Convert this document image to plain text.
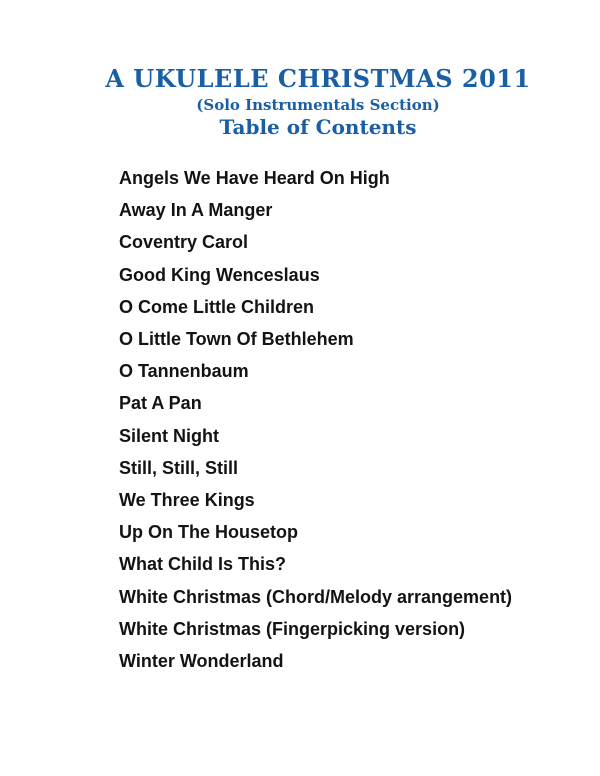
A UKULELE CHRISTMAS 2011
(Solo Instrumentals Section)
Table of Contents
Angels We Have Heard On High
Away In A Manger
Coventry Carol
Good King Wenceslaus
O Come Little Children
O Little Town Of Bethlehem
O Tannenbaum
Pat A Pan
Silent Night
Still, Still, Still
We Three Kings
Up On The Housetop
What Child Is This?
White Christmas (Chord/Melody arrangement)
White Christmas (Fingerpicking version)
Winter Wonderland
